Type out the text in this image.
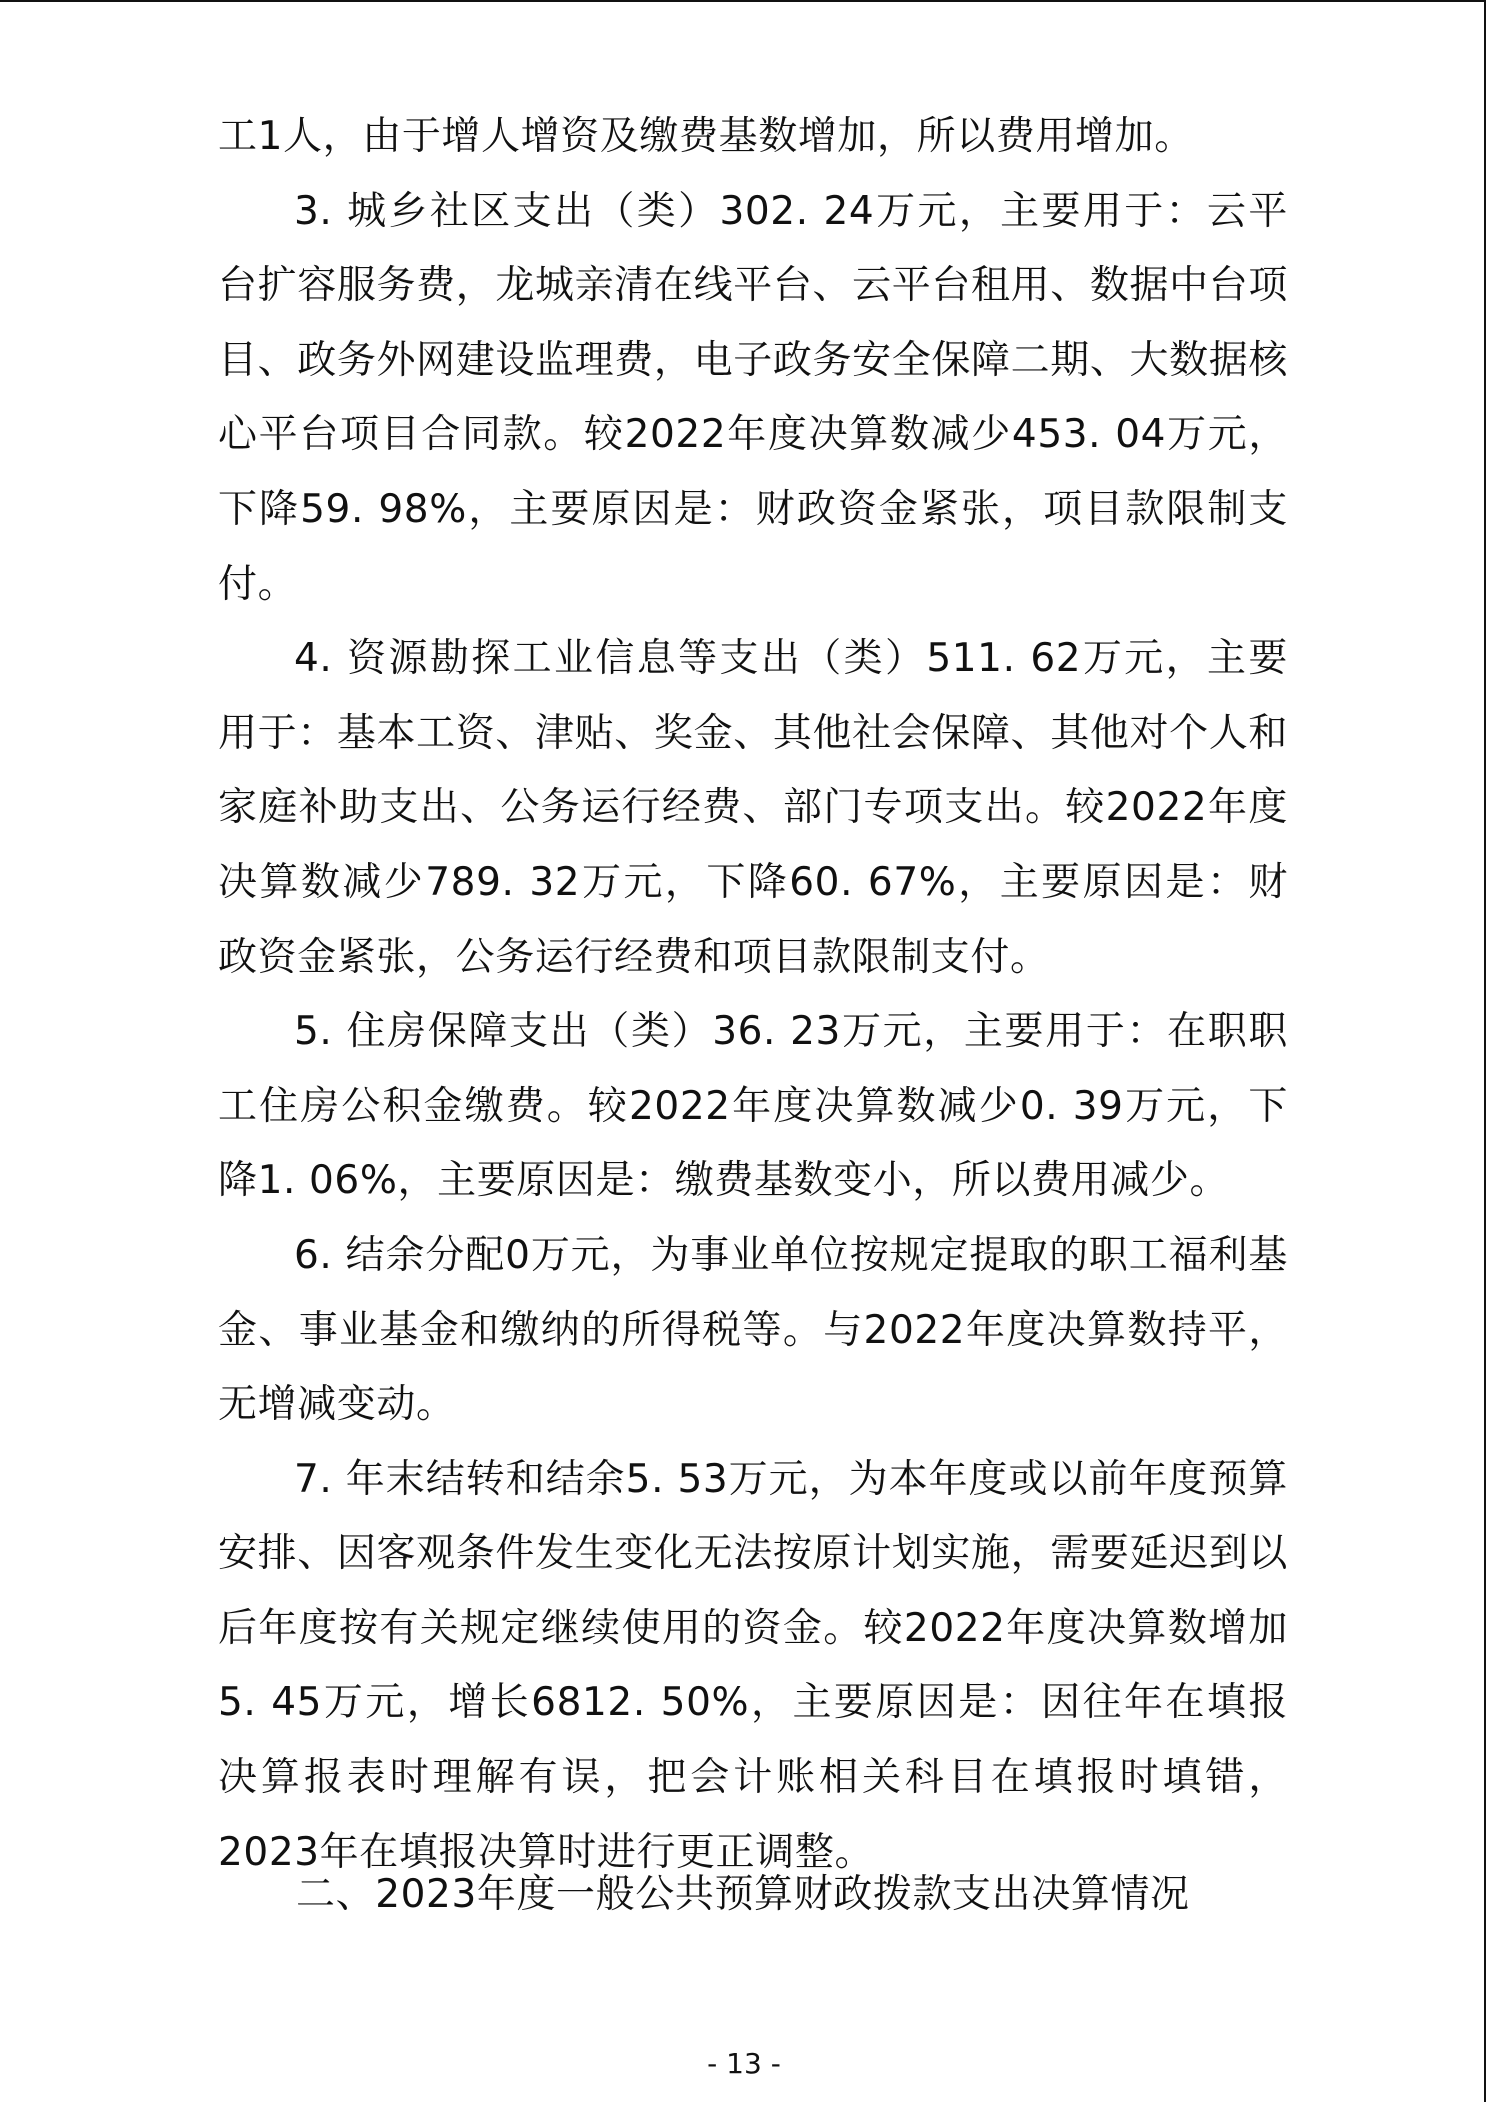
工1人，由于增人增资及缴费基数增加，所以费用增加。

3. 城乡社区支出（类）302. 24万元，主要用于：云平台扩容服务费，龙城亲清在线平台、云平台租用、数据中台项目、政务外网建设监理费，电子政务安全保障二期、大数据核心平台项目合同款。较2022年度决算数减少453. 04万元，下降59. 98%，主要原因是：财政资金紧张，项目款限制支付。

4. 资源勘探工业信息等支出（类）511. 62万元，主要用于：基本工资、津贴、奖金、其他社会保障、其他对个人和家庭补助支出、公务运行经费、部门专项支出。较2022年度决算数减少789. 32万元，下降60. 67%，主要原因是：财政资金紧张，公务运行经费和项目款限制支付。

5. 住房保障支出（类）36. 23万元，主要用于：在职职工住房公积金缴费。较2022年度决算数减少0. 39万元，下降1. 06%，主要原因是：缴费基数变小，所以费用减少。

6. 结余分配0万元，为事业单位按规定提取的职工福利基金、事业基金和缴纳的所得税等。与2022年度决算数持平，无增减变动。

7. 年末结转和结余5. 53万元，为本年度或以前年度预算安排、因客观条件发生变化无法按原计划实施，需要延迟到以后年度按有关规定继续使用的资金。较2022年度决算数增加5. 45万元，增长6812. 50%，主要原因是：因往年在填报决算报表时理解有误，把会计账相关科目在填报时填错，2023年在填报决算时进行更正调整。

二、2023年度一般公共预算财政拨款支出决算情况
- 13 -
